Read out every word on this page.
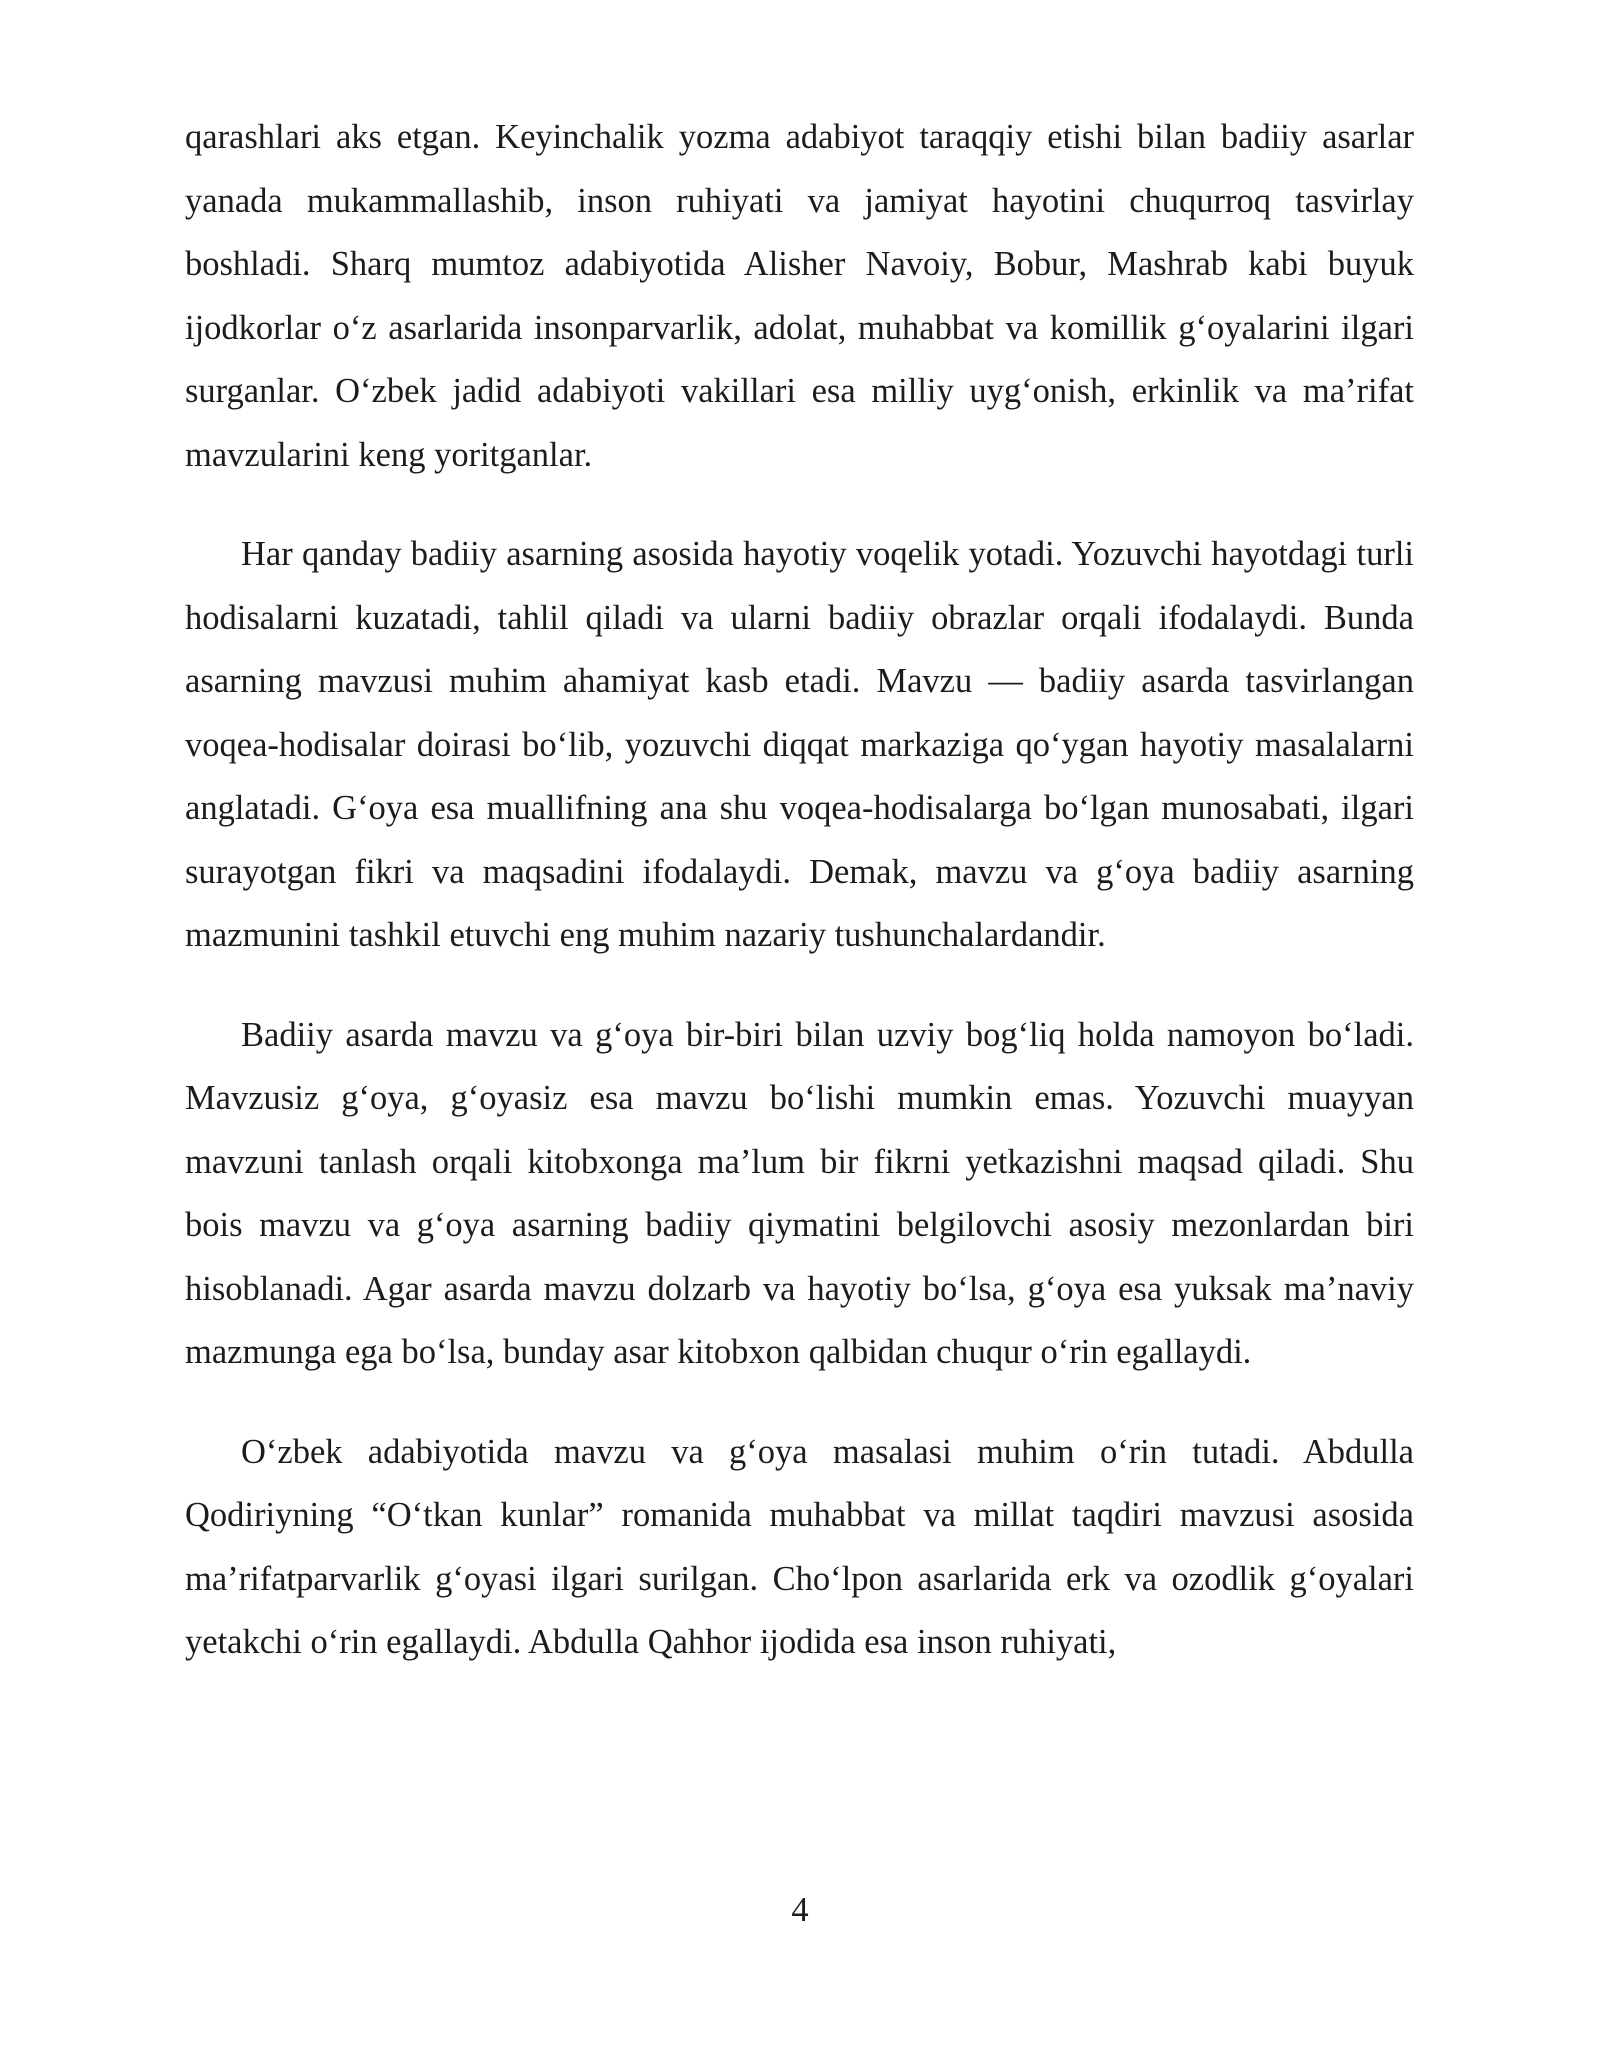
qarashlari aks etgan. Keyinchalik yozma adabiyot taraqqiy etishi bilan badiiy asarlar yanada mukammallashib, inson ruhiyati va jamiyat hayotini chuqurroq tasvirlay boshladi. Sharq mumtoz adabiyotida Alisher Navoiy, Bobur, Mashrab kabi buyuk ijodkorlar o‘z asarlarida insonparvarlik, adolat, muhabbat va komillik g‘oyalarini ilgari surganlar. O‘zbek jadid adabiyoti vakillari esa milliy uyg‘onish, erkinlik va ma’rifat mavzularini keng yoritganlar.

Har qanday badiiy asarning asosida hayotiy voqelik yotadi. Yozuvchi hayotdagi turli hodisalarni kuzatadi, tahlil qiladi va ularni badiiy obrazlar orqali ifodalaydi. Bunda asarning mavzusi muhim ahamiyat kasb etadi. Mavzu — badiiy asarda tasvirlangan voqea-hodisalar doirasi bo‘lib, yozuvchi diqqat markaziga qo‘ygan hayotiy masalalarni anglatadi. G‘oya esa muallifning ana shu voqea-hodisalarga bo‘lgan munosabati, ilgari surayotgan fikri va maqsadini ifodalaydi. Demak, mavzu va g‘oya badiiy asarning mazmunini tashkil etuvchi eng muhim nazariy tushunchalardandir.

Badiiy asarda mavzu va g‘oya bir-biri bilan uzviy bog‘liq holda namoyon bo‘ladi. Mavzusiz g‘oya, g‘oyasiz esa mavzu bo‘lishi mumkin emas. Yozuvchi muayyan mavzuni tanlash orqali kitobxonga ma’lum bir fikrni yetkazishni maqsad qiladi. Shu bois mavzu va g‘oya asarning badiiy qiymatini belgilovchi asosiy mezonlardan biri hisoblanadi. Agar asarda mavzu dolzarb va hayotiy bo‘lsa, g‘oya esa yuksak ma’naviy mazmunga ega bo‘lsa, bunday asar kitobxon qalbidan chuqur o‘rin egallaydi.

O‘zbek adabiyotida mavzu va g‘oya masalasi muhim o‘rin tutadi. Abdulla Qodiriyning “O‘tkan kunlar” romanida muhabbat va millat taqdiri mavzusi asosida ma’rifatparvarlik g‘oyasi ilgari surilgan. Cho‘lpon asarlarida erk va ozodlik g‘oyalari yetakchi o‘rin egallaydi. Abdulla Qahhor ijodida esa inson ruhiyati,

4
